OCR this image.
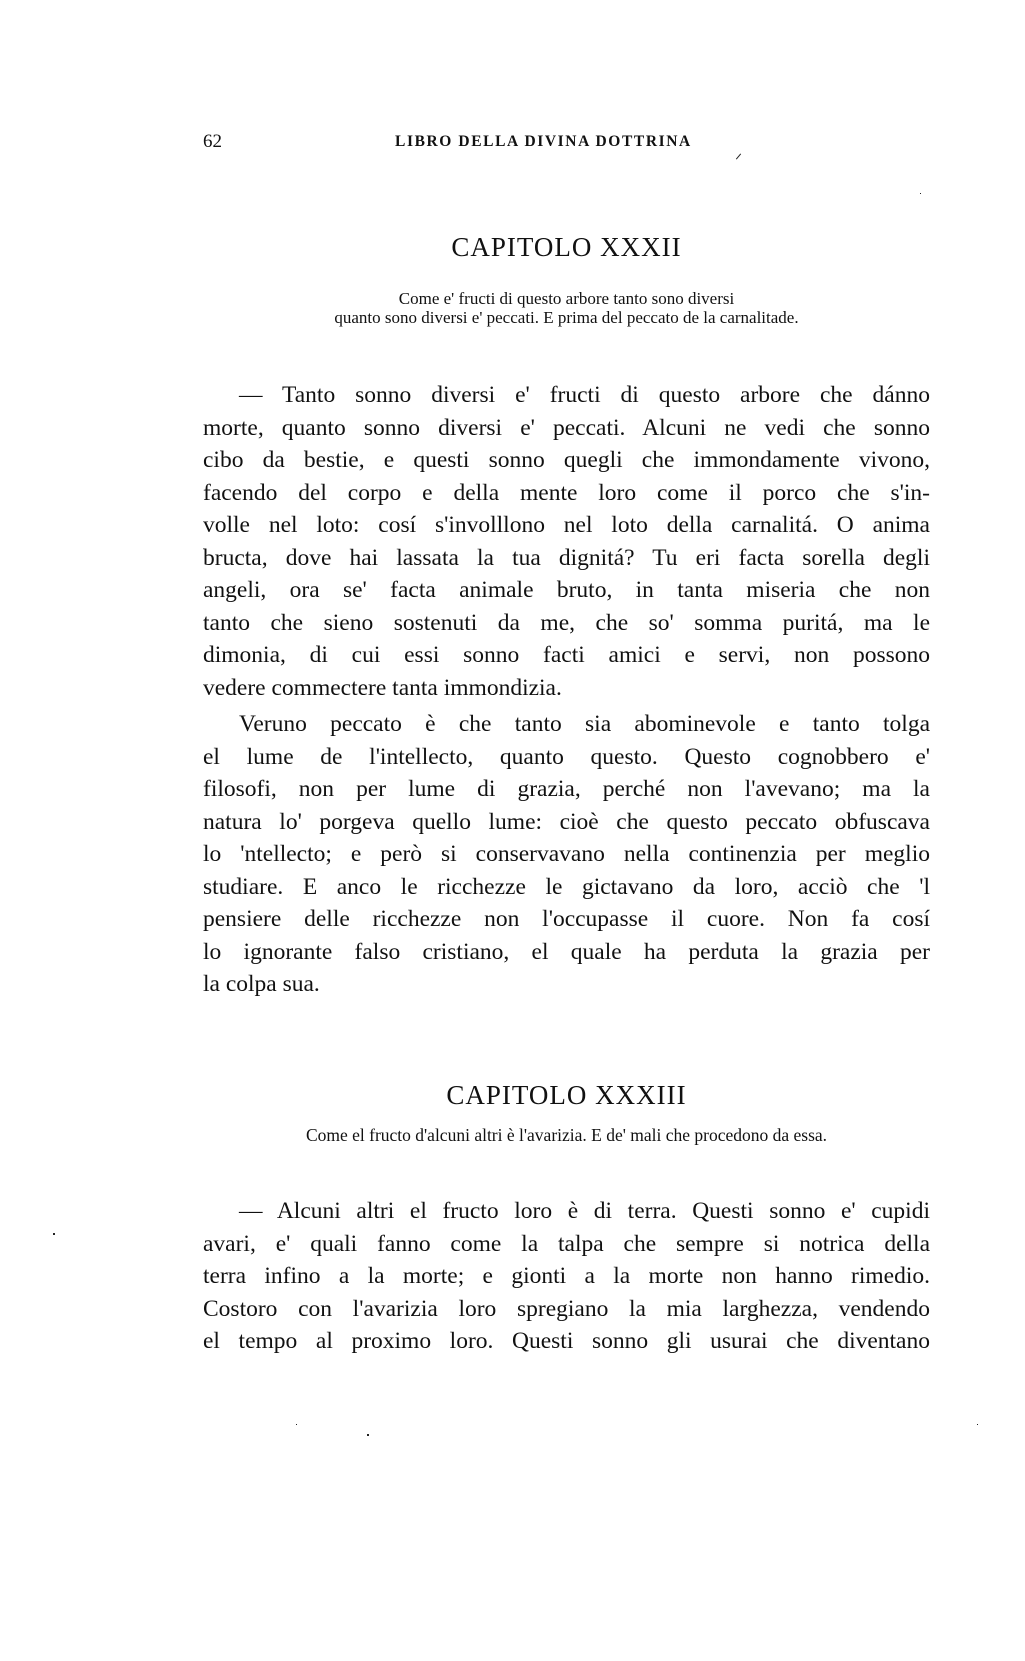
62	LIBRO DELLA DIVINA DOTTRINA
CAPITOLO XXXII
Come e' fructi di questo arbore tanto sono diversi
quanto sono diversi e' peccati. E prima del peccato de la carnalitade.
— Tanto sonno diversi e' fructi di questo arbore che dánno
morte, quanto sonno diversi e' peccati. Alcuni ne vedi che sonno
cibo da bestie, e questi sonno quegli che immondamente vivono,
facendo del corpo e della mente loro come il porco che s'in-
volle nel loto: cosí s'involllono nel loto della carnalitá. O anima
bructa, dove hai lassata la tua dignitá? Tu eri facta sorella degli
angeli, ora se' facta animale bruto, in tanta miseria che non
tanto che sieno sostenuti da me, che so' somma puritá, ma le
dimonia, di cui essi sonno facti amici e servi, non possono
vedere commectere tanta immondizia.
Veruno peccato è che tanto sia abominevole e tanto tolga
el lume de l'intellecto, quanto questo. Questo cognobbero e'
filosofi, non per lume di grazia, perché non l'avevano; ma la
natura lo' porgeva quello lume: cioè che questo peccato obfuscava
lo 'ntellecto; e però si conservavano nella continenzia per meglio
studiare. E anco le ricchezze le gictavano da loro, acciò che 'l
pensiere delle ricchezze non l'occupasse il cuore. Non fa cosí
lo ignorante falso cristiano, el quale ha perduta la grazia per
la colpa sua.
CAPITOLO XXXIII
Come el fructo d'alcuni altri è l'avarizia. E de' mali che procedono da essa.
— Alcuni altri el fructo loro è di terra. Questi sonno e' cupidi
avari, e' quali fanno come la talpa che sempre si notrica della
terra infino a la morte; e gionti a la morte non hanno rimedio.
Costoro con l'avarizia loro spregiano la mia larghezza, vendendo
el tempo al proximo loro. Questi sonno gli usurai che diventano
